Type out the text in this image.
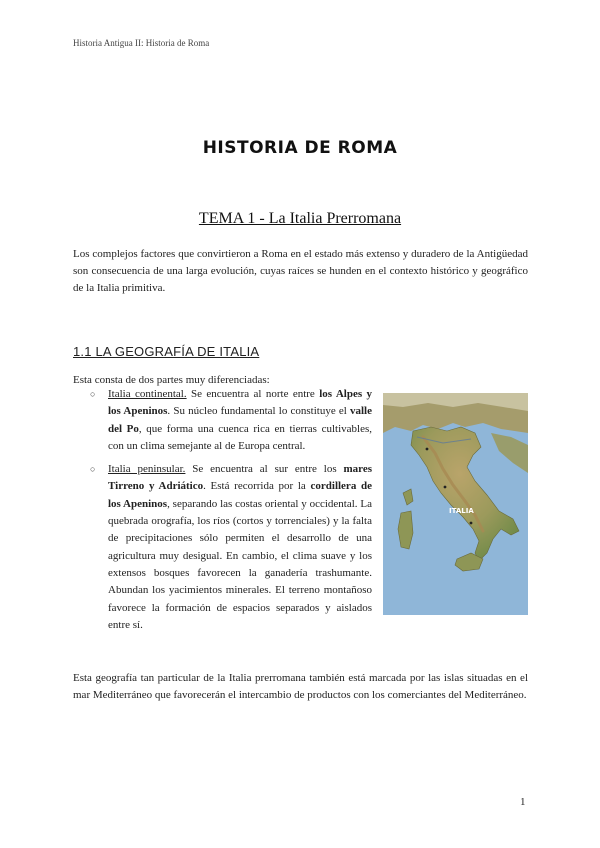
Historia Antigua II: Historia de Roma
HISTORIA DE ROMA
TEMA 1 - La Italia Prerromana

Los complejos factores que convirtieron a Roma en el estado más extenso y duradero de la Antigüedad son consecuencia de una larga evolución, cuyas raíces se hunden en el contexto histórico y geográfico de la Italia primitiva.

1.1 LA GEOGRAFÍA DE ITALIA

Esta consta de dos partes muy diferenciadas:

○ Italia continental. Se encuentra al norte entre los Alpes y los Apeninos. Su núcleo fundamental lo constituye el valle del Po, que forma una cuenca rica en tierras cultivables, con un clima semejante al de Europa central.
○ Italia peninsular. Se encuentra al sur entre los mares Tirreno y Adriático. Está recorrida por la cordillera de los Apeninos, separando las costas oriental y occidental. La quebrada orografía, los ríos (cortos y torrenciales) y la falta de precipitaciones sólo permiten el desarrollo de una agricultura muy desigual. En cambio, el clima suave y los extensos bosques favorecen la ganadería trashumante. Abundan los yacimientos minerales. El terreno montañoso favorece la formación de espacios separados y aislados entre sí.
ITALIA

Esta geografía tan particular de la Italia prerromana también está marcada por las islas situadas en el mar Mediterráneo que favorecerán el intercambio de productos con los comerciantes del Mediterráneo.

1
